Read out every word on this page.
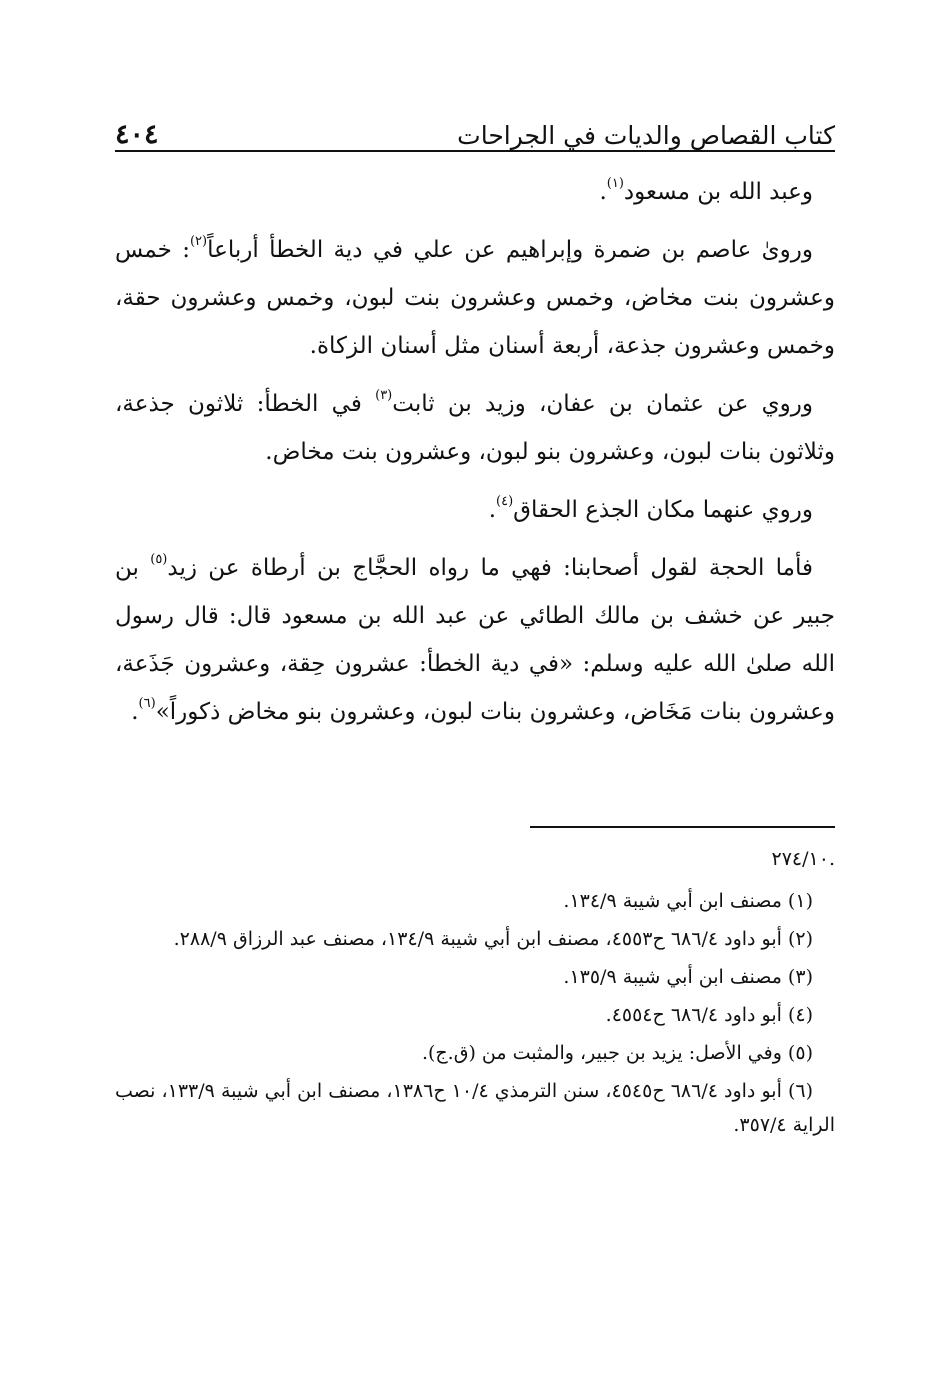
كتاب القصاص والديات في الجراحات
٤٠٤

وعبد الله بن مسعود$^{(١)}$.

ورویٰ عاصم بن ضمرة وإبراهيم عن علي في دية الخطأ أرباعاً$^{(٢)}$: خمس وعشرون بنت مخاض، وخمس وعشرون بنت لبون، وخمس وعشرون حقة، وخمس وعشرون جذعة، أربعة أسنان مثل أسنان الزكاة.

وروي عن عثمان بن عفان، وزيد بن ثابت$^{(٣)}$ في الخطأ: ثلاثون جذعة، وثلاثون بنات لبون، وعشرون بنو لبون، وعشرون بنت مخاض.

وروي عنهما مكان الجذع الحقاق$^{(٤)}$.

فأما الحجة لقول أصحابنا: فهي ما رواه الحجَّاج بن أرطاة عن زيد$^{(٥)}$ بن جبير عن خشف بن مالك الطائي عن عبد الله بن مسعود قال: قال رسول الله صلىٰ الله عليه وسلم: «في دية الخطأ: عشرون حِقة، وعشرون جَذَعة، وعشرون بنات مَخَاض، وعشرون بنات لبون، وعشرون بنو مخاض ذكوراً»$^{(٦)}$.

.٢٧٤/١٠

(١) مصنف ابن أبي شيبة ١٣٤/٩.

(٢) أبو داود ٦٨٦/٤ ح٤٥٥٣، مصنف ابن أبي شيبة ١٣٤/٩، مصنف عبد الرزاق ٢٨٨/٩.

(٣) مصنف ابن أبي شيبة ١٣٥/٩.

(٤) أبو داود ٦٨٦/٤ ح٤٥٥٤.

(٥) وفي الأصل: يزيد بن جبير، والمثبت من (ق.ج).

(٦) أبو داود ٦٨٦/٤ ح٤٥٤٥، سنن الترمذي ١٠/٤ ح١٣٨٦، مصنف ابن أبي شيبة ١٣٣/٩، نصب الراية ٣٥٧/٤.
